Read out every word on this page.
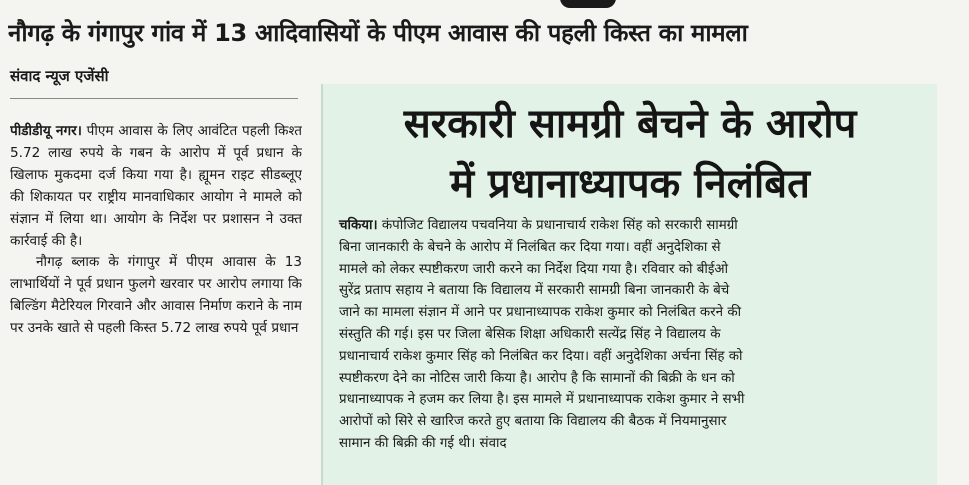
नौगढ़ के गंगापुर गांव में 13 आदिवासियों के पीएम आवास की पहली किस्त का मामला
संवाद न्यूज एजेंसी

पीडीडीयू नगर। पीएम आवास के लिए आवंटित पहली किश्त 5.72 लाख रुपये के गबन के आरोप में पूर्व प्रधान के खिलाफ मुकदमा दर्ज किया गया है। ह्यूमन राइट सीडब्लूए की शिकायत पर राष्ट्रीय मानवाधिकार आयोग ने मामले को संज्ञान में लिया था। आयोग के निर्देश पर प्रशासन ने उक्त कार्रवाई की है।

नौगढ़ ब्लाक के गंगापुर में पीएम आवास के 13 लाभार्थियों ने पूर्व प्रधान फुलगे खरवार पर आरोप लगाया कि बिल्डिंग मैटेरियल गिरवाने और आवास निर्माण कराने के नाम पर उनके खाते से पहली किस्त 5.72 लाख रुपये पूर्व प्रधान

सरकारी सामग्री बेचने के आरोप
में प्रधानाध्यापक निलंबित
चकिया। कंपोजिट विद्यालय पचवनिया के प्रधानाचार्य राकेश सिंह को सरकारी सामग्री
बिना जानकारी के बेचने के आरोप में निलंबित कर दिया गया। वहीं अनुदेशिका से
मामले को लेकर स्पष्टीकरण जारी करने का निर्देश दिया गया है। रविवार को बीईओ
सुरेंद्र प्रताप सहाय ने बताया कि विद्यालय में सरकारी सामग्री बिना जानकारी के बेचे
जाने का मामला संज्ञान में आने पर प्रधानाध्यापक राकेश कुमार को निलंबित करने की
संस्तुति की गई। इस पर जिला बेसिक शिक्षा अधिकारी सत्येंद्र सिंह ने विद्यालय के
प्रधानाचार्य राकेश कुमार सिंह को निलंबित कर दिया। वहीं अनुदेशिका अर्चना सिंह को
स्पष्टीकरण देने का नोटिस जारी किया है। आरोप है कि सामानों की बिक्री के धन को
प्रधानाध्यापक ने हजम कर लिया है। इस मामले में प्रधानाध्यापक राकेश कुमार ने सभी
आरोपों को सिरे से खारिज करते हुए बताया कि विद्यालय की बैठक में नियमानुसार
सामान की बिक्री की गई थी। संवाद
